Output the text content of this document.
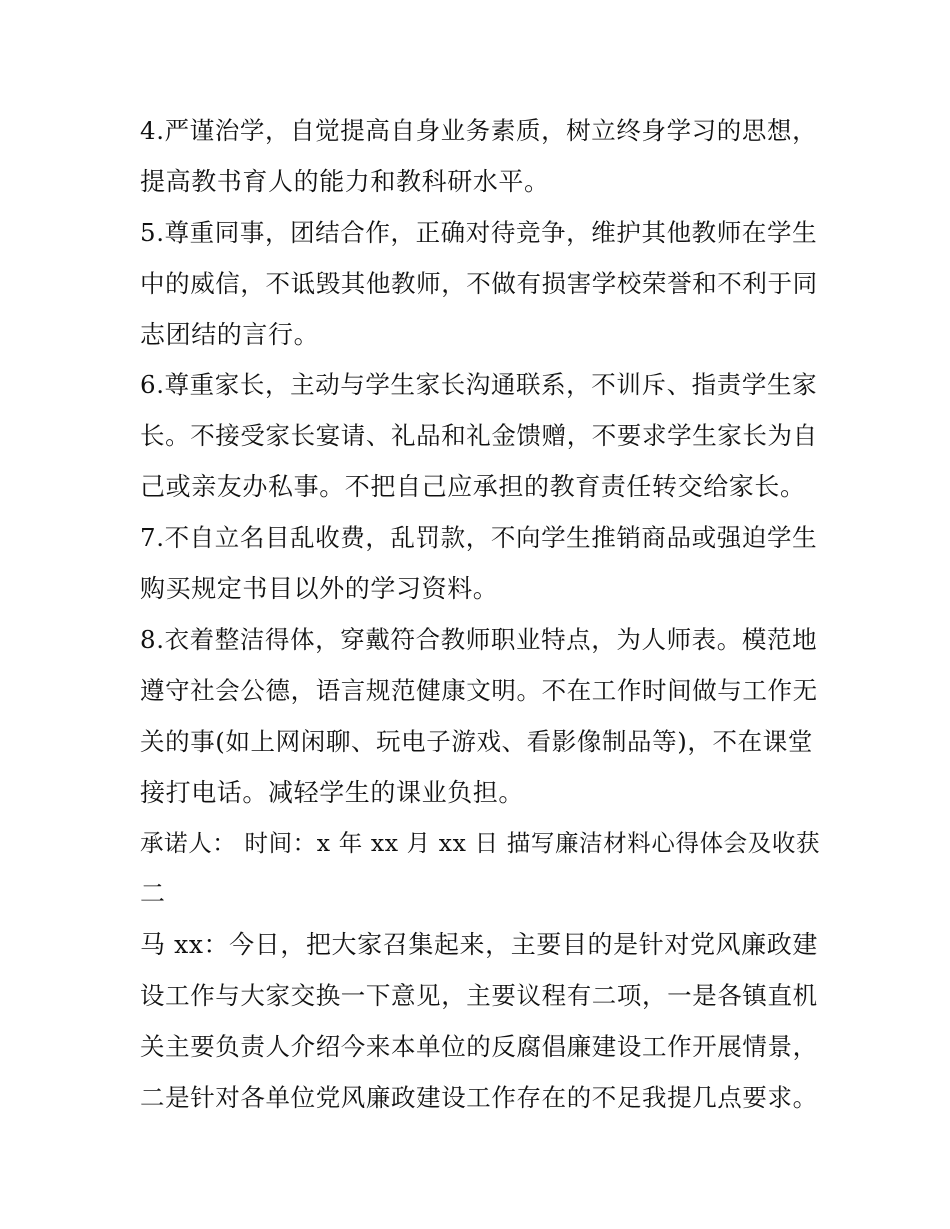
4.严谨治学，自觉提高自身业务素质，树立终身学习的思想，
提高教书育人的能力和教科研水平。
5.尊重同事，团结合作，正确对待竞争，维护其他教师在学生
中的威信，不诋毁其他教师，不做有损害学校荣誉和不利于同
志团结的言行。
6.尊重家长，主动与学生家长沟通联系，不训斥、指责学生家
长。不接受家长宴请、礼品和礼金馈赠，不要求学生家长为自
己或亲友办私事。不把自己应承担的教育责任转交给家长。
7.不自立名目乱收费，乱罚款，不向学生推销商品或强迫学生
购买规定书目以外的学习资料。
8.衣着整洁得体，穿戴符合教师职业特点，为人师表。模范地
遵守社会公德，语言规范健康文明。不在工作时间做与工作无
关的事(如上网闲聊、玩电子游戏、看影像制品等)，不在课堂
接打电话。减轻学生的课业负担。
承诺人： 时间：x 年 xx 月 xx 日 描写廉洁材料心得体会及收获
二
马 xx：今日，把大家召集起来，主要目的是针对党风廉政建
设工作与大家交换一下意见，主要议程有二项，一是各镇直机
关主要负责人介绍今来本单位的反腐倡廉建设工作开展情景，
二是针对各单位党风廉政建设工作存在的不足我提几点要求。
